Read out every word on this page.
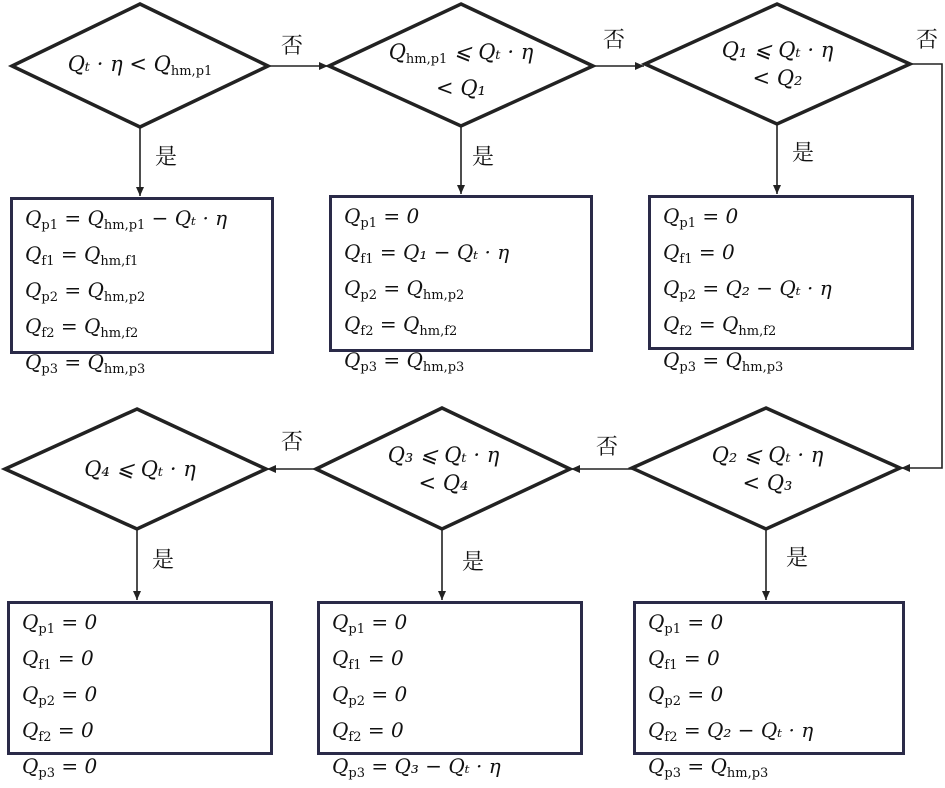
否	否	否
否
否
是	是	是
是
是
是
$Q_t \cdot \eta < Q_{hm,p1}$
$Q_{hm,p1}$ ⩽ Qₜ · η
< Q₁
Q₁ ⩽ Qₜ · η
< Q₂
Q₂ ⩽ Qₜ · η
< Q₃
Q₃ ⩽ Qₜ · η
< Q₄
Q₄ ⩽ Qₜ · η
$Q_{p1} = Q_{hm,p1} - Q_t \cdot \eta$
$Q_{f1} = Q_{hm,f1}$
$Q_{p2} = Q_{hm,p2}$
$Q_{f2} = Q_{hm,f2}$
$Q_{p3} = Q_{hm,p3}$
$Q_{p1} = 0$
$Q_{f1} = Q_1 - Q_t \cdot \eta$
$Q_{p2} = Q_{hm,p2}$
$Q_{f2} = Q_{hm,f2}$
$Q_{p3} = Q_{hm,p3}$
$Q_{p1} = 0$
$Q_{f1} = 0$
$Q_{p2} = Q_2 - Q_t \cdot \eta$
$Q_{f2} = Q_{hm,f2}$
$Q_{p3} = Q_{hm,p3}$
$Q_{p1} = 0$
$Q_{f1} = 0$
$Q_{p2} = 0$
$Q_{f2} = Q_2 - Q_t \cdot \eta$
$Q_{p3} = Q_{hm,p3}$
$Q_{p1} = 0$
$Q_{f1} = 0$
$Q_{p2} = 0$
$Q_{f2} = 0$
$Q_{p3} = Q_3 - Q_t \cdot \eta$
$Q_{p1} = 0$
$Q_{f1} = 0$
$Q_{p2} = 0$
$Q_{f2} = 0$
$Q_{p3} = 0$
